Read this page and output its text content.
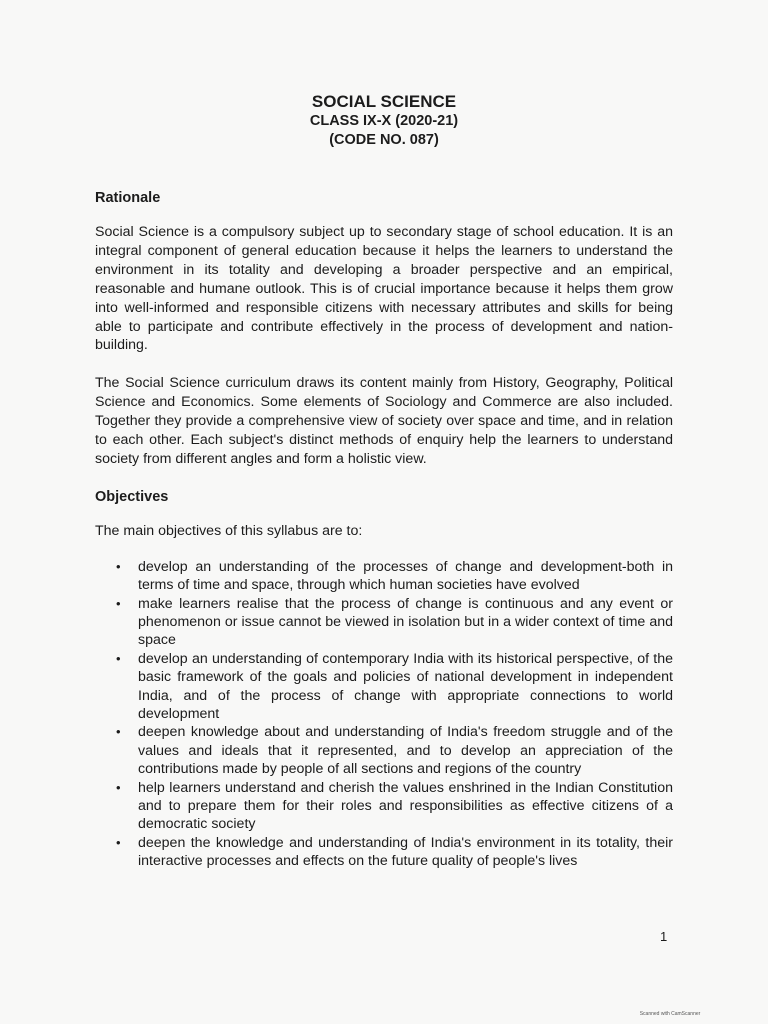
SOCIAL SCIENCE
CLASS IX-X (2020-21)
(CODE NO. 087)
Rationale

Social Science is a compulsory subject up to secondary stage of school education. It is an integral component of general education because it helps the learners to understand the environment in its totality and developing a broader perspective and an empirical, reasonable and humane outlook. This is of crucial importance because it helps them grow into well-informed and responsible citizens with necessary attributes and skills for being able to participate and contribute effectively in the process of development and nation-building.

The Social Science curriculum draws its content mainly from History, Geography, Political Science and Economics. Some elements of Sociology and Commerce are also included. Together they provide a comprehensive view of society over space and time, and in relation to each other. Each subject's distinct methods of enquiry help the learners to understand society from different angles and form a holistic view.

Objectives

The main objectives of this syllabus are to:

• develop an understanding of the processes of change and development-both in terms of time and space, through which human societies have evolved
• make learners realise that the process of change is continuous and any event or phenomenon or issue cannot be viewed in isolation but in a wider context of time and space
• develop an understanding of contemporary India with its historical perspective, of the basic framework of the goals and policies of national development in independent India, and of the process of change with appropriate connections to world development
• deepen knowledge about and understanding of India's freedom struggle and of the values and ideals that it represented, and to develop an appreciation of the contributions made by people of all sections and regions of the country
• help learners understand and cherish the values enshrined in the Indian Constitution and to prepare them for their roles and responsibilities as effective citizens of a democratic society
• deepen the knowledge and understanding of India's environment in its totality, their interactive processes and effects on the future quality of people's lives
1
Scanned with CamScanner
